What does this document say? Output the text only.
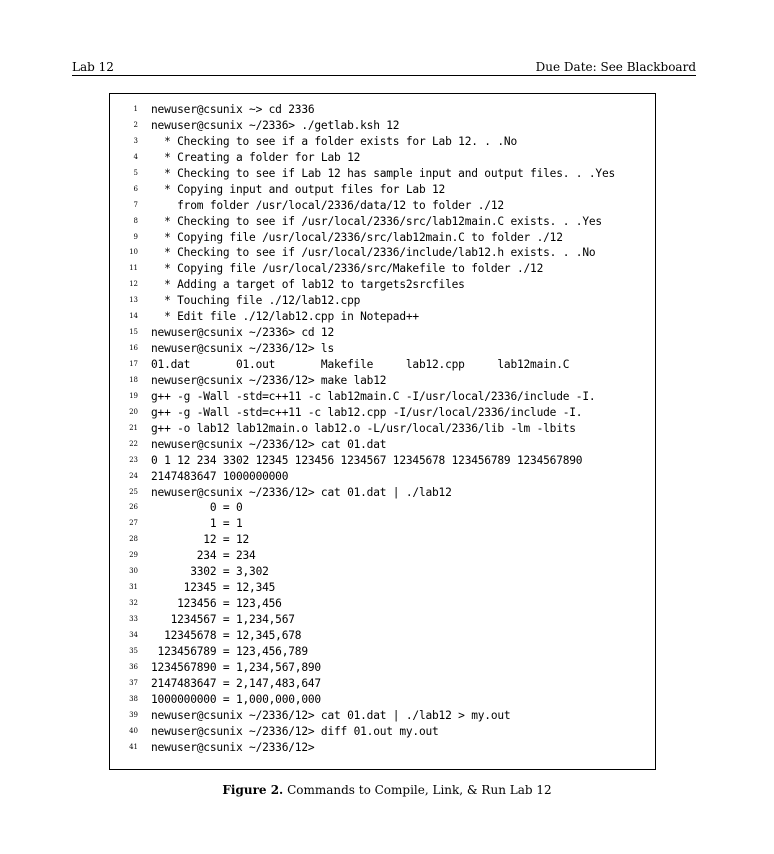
Lab 12	Due Date: See Blackboard
1 newuser@csunix ~> cd 2336
2 newuser@csunix ~/2336> ./getlab.ksh 12
3 * Checking to see if a folder exists for Lab 12. . .No
4 * Creating a folder for Lab 12
5 * Checking to see if Lab 12 has sample input and output files. . .Yes
6 * Copying input and output files for Lab 12
7 from folder /usr/local/2336/data/12 to folder ./12
8 * Checking to see if /usr/local/2336/src/lab12main.C exists. . .Yes
9 * Copying file /usr/local/2336/src/lab12main.C to folder ./12
10 * Checking to see if /usr/local/2336/include/lab12.h exists. . .No
11 * Copying file /usr/local/2336/src/Makefile to folder ./12
12 * Adding a target of lab12 to targets2srcfiles
13 * Touching file ./12/lab12.cpp
14 * Edit file ./12/lab12.cpp in Notepad++
15 newuser@csunix ~/2336> cd 12
16 newuser@csunix ~/2336/12> ls
17 01.dat       01.out       Makefile     lab12.cpp     lab12main.C
18 newuser@csunix ~/2336/12> make lab12
19 g++ -g -Wall -std=c++11 -c lab12main.C -I/usr/local/2336/include -I.
20 g++ -g -Wall -std=c++11 -c lab12.cpp -I/usr/local/2336/include -I.
21 g++ -o lab12 lab12main.o lab12.o -L/usr/local/2336/lib -lm -lbits
22 newuser@csunix ~/2336/12> cat 01.dat
23 0 1 12 234 3302 12345 123456 1234567 12345678 123456789 1234567890
24 2147483647 1000000000
25 newuser@csunix ~/2336/12> cat 01.dat | ./lab12
26 0 = 0
27 1 = 1
28 12 = 12
29 234 = 234
30 3302 = 3,302
31 12345 = 12,345
32 123456 = 123,456
33 1234567 = 1,234,567
34 12345678 = 12,345,678
35 123456789 = 123,456,789
36 1234567890 = 1,234,567,890
37 2147483647 = 2,147,483,647
38 1000000000 = 1,000,000,000
39 newuser@csunix ~/2336/12> cat 01.dat | ./lab12 > my.out
40 newuser@csunix ~/2336/12> diff 01.out my.out
41 newuser@csunix ~/2336/12>
Figure 2. Commands to Compile, Link, & Run Lab 12
